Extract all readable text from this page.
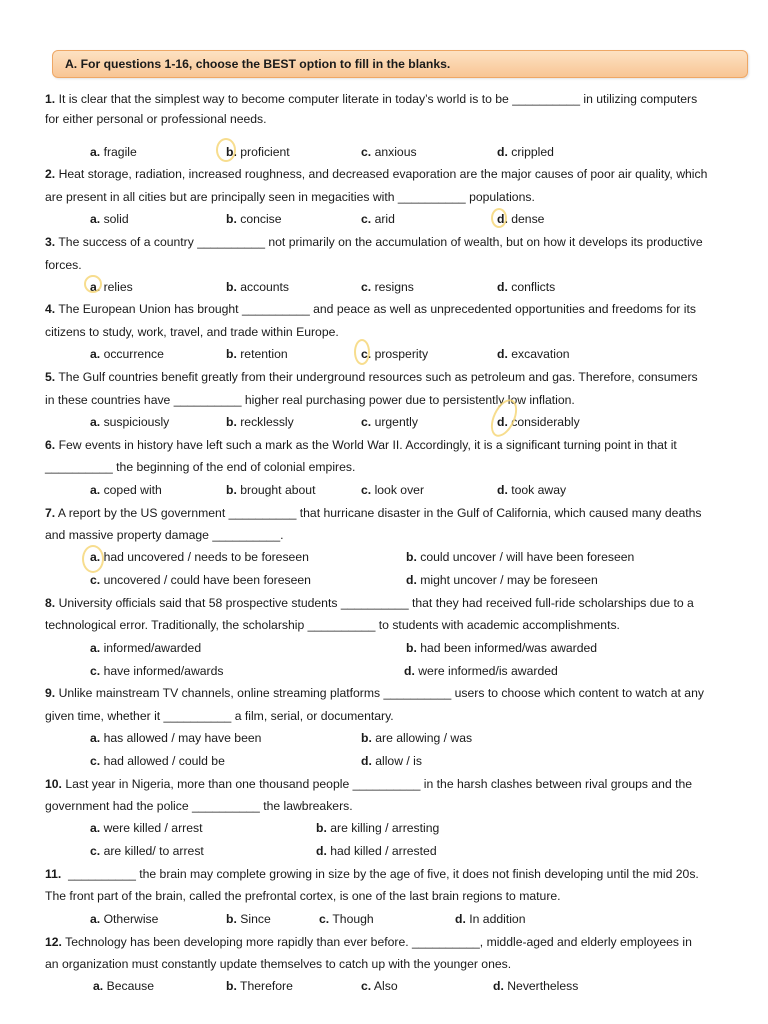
A. For questions 1-16, choose the BEST option to fill in the blanks.
1. It is clear that the simplest way to become computer literate in today’s world is to be __________ in utilizing computers
for either personal or professional needs.
a. fragile	b. proficient	c. anxious	d. crippled
2. Heat storage, radiation, increased roughness, and decreased evaporation are the major causes of poor air quality, which
are present in all cities but are principally seen in megacities with __________ populations.
a. solid	b. concise	c. arid	d. dense
3. The success of a country __________ not primarily on the accumulation of wealth, but on how it develops its productive
forces.
a. relies	b. accounts	c. resigns	d. conflicts
4. The European Union has brought __________ and peace as well as unprecedented opportunities and freedoms for its
citizens to study, work, travel, and trade within Europe.
a. occurrence	b. retention	c. prosperity	d. excavation
5. The Gulf countries benefit greatly from their underground resources such as petroleum and gas. Therefore, consumers
in these countries have __________ higher real purchasing power due to persistently low inflation.
a. suspiciously	b. recklessly	c. urgently	d. considerably
6. Few events in history have left such a mark as the World War II. Accordingly, it is a significant turning point in that it
__________ the beginning of the end of colonial empires.
a. coped with	b. brought about	c. look over	d. took away
7. A report by the US government __________ that hurricane disaster in the Gulf of California, which caused many deaths
and massive property damage __________.
a. had uncovered / needs to be foreseen	b. could uncover / will have been foreseen
c. uncovered / could have been foreseen	d. might uncover / may be foreseen
8. University officials said that 58 prospective students __________ that they had received full-ride scholarships due to a
technological error. Traditionally, the scholarship __________ to students with academic accomplishments.
a. informed/awarded	b. had been informed/was awarded
c. have informed/awards	d. were informed/is awarded
9. Unlike mainstream TV channels, online streaming platforms __________ users to choose which content to watch at any
given time, whether it __________ a film, serial, or documentary.
a. has allowed / may have been	b. are allowing / was
c. had allowed / could be	d. allow / is
10. Last year in Nigeria, more than one thousand people __________ in the harsh clashes between rival groups and the
government had the police __________ the lawbreakers.
a. were killed / arrest	b. are killing / arresting
c. are killed/ to arrest	d. had killed / arrested
11. __________ the brain may complete growing in size by the age of five, it does not finish developing until the mid 20s.
The front part of the brain, called the prefrontal cortex, is one of the last brain regions to mature.
a. Otherwise	b. Since	c. Though	d. In addition
12. Technology has been developing more rapidly than ever before. __________, middle-aged and elderly employees in
an organization must constantly update themselves to catch up with the younger ones.
a. Because	b. Therefore	c. Also	d. Nevertheless
